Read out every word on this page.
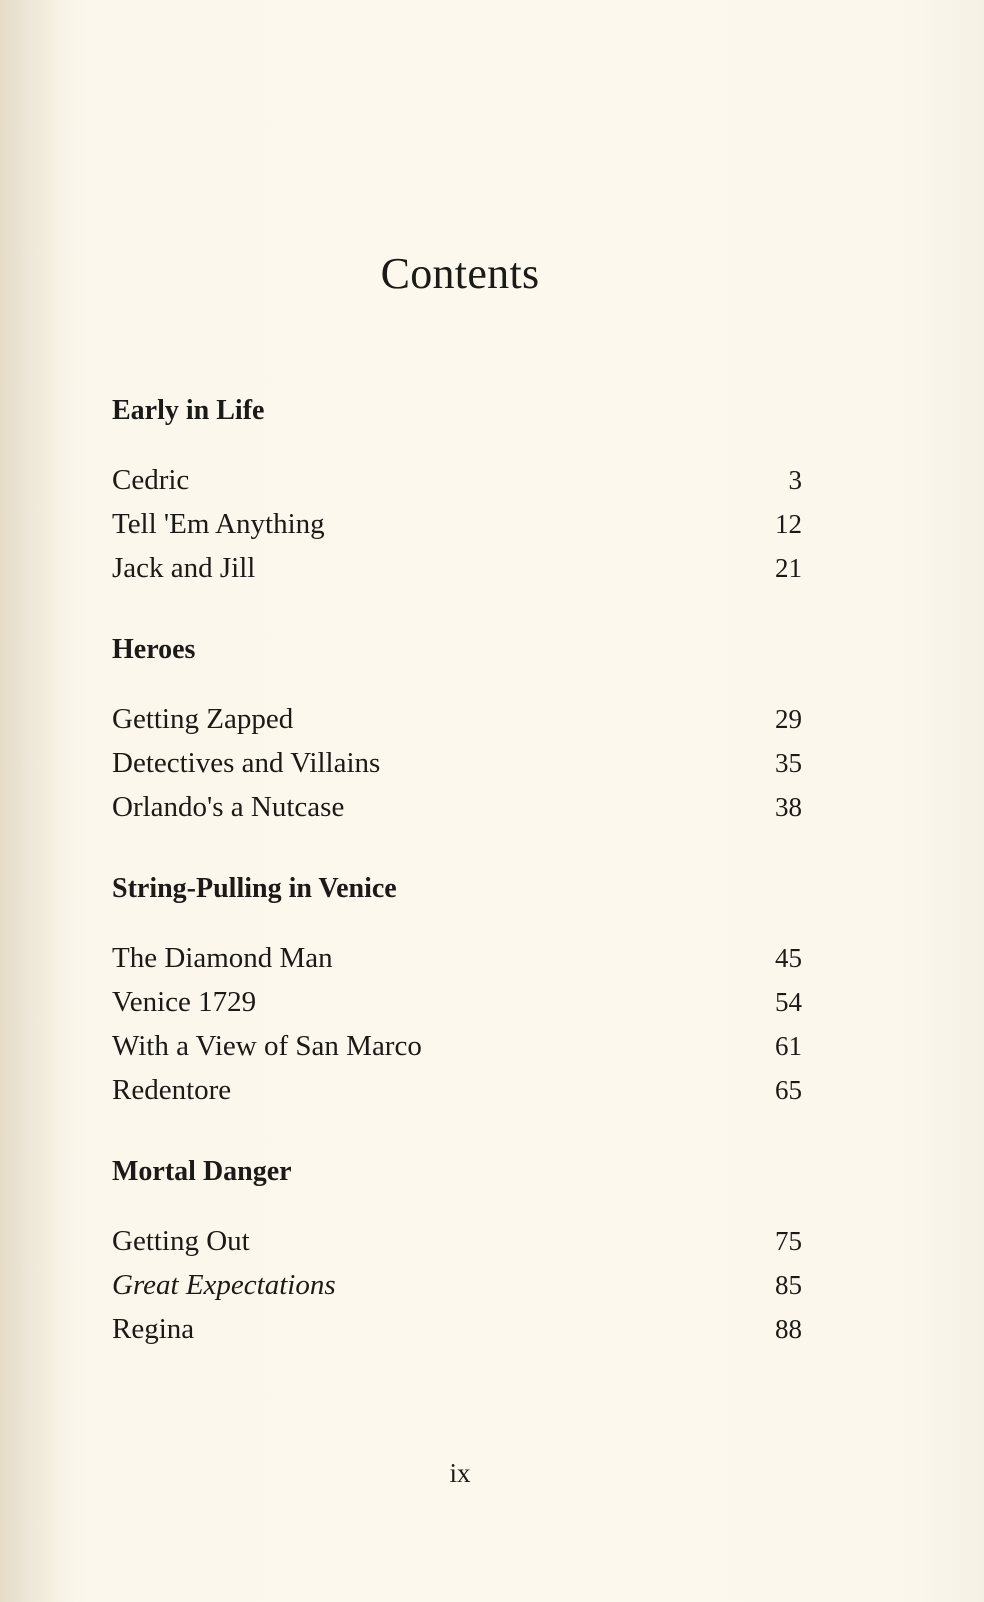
Contents
Early in Life
Cedric	3
Tell 'Em Anything	12
Jack and Jill	21
Heroes
Getting Zapped	29
Detectives and Villains	35
Orlando's a Nutcase	38
String-Pulling in Venice
The Diamond Man	45
Venice 1729	54
With a View of San Marco	61
Redentore	65
Mortal Danger
Getting Out	75
Great Expectations	85
Regina	88
ix
